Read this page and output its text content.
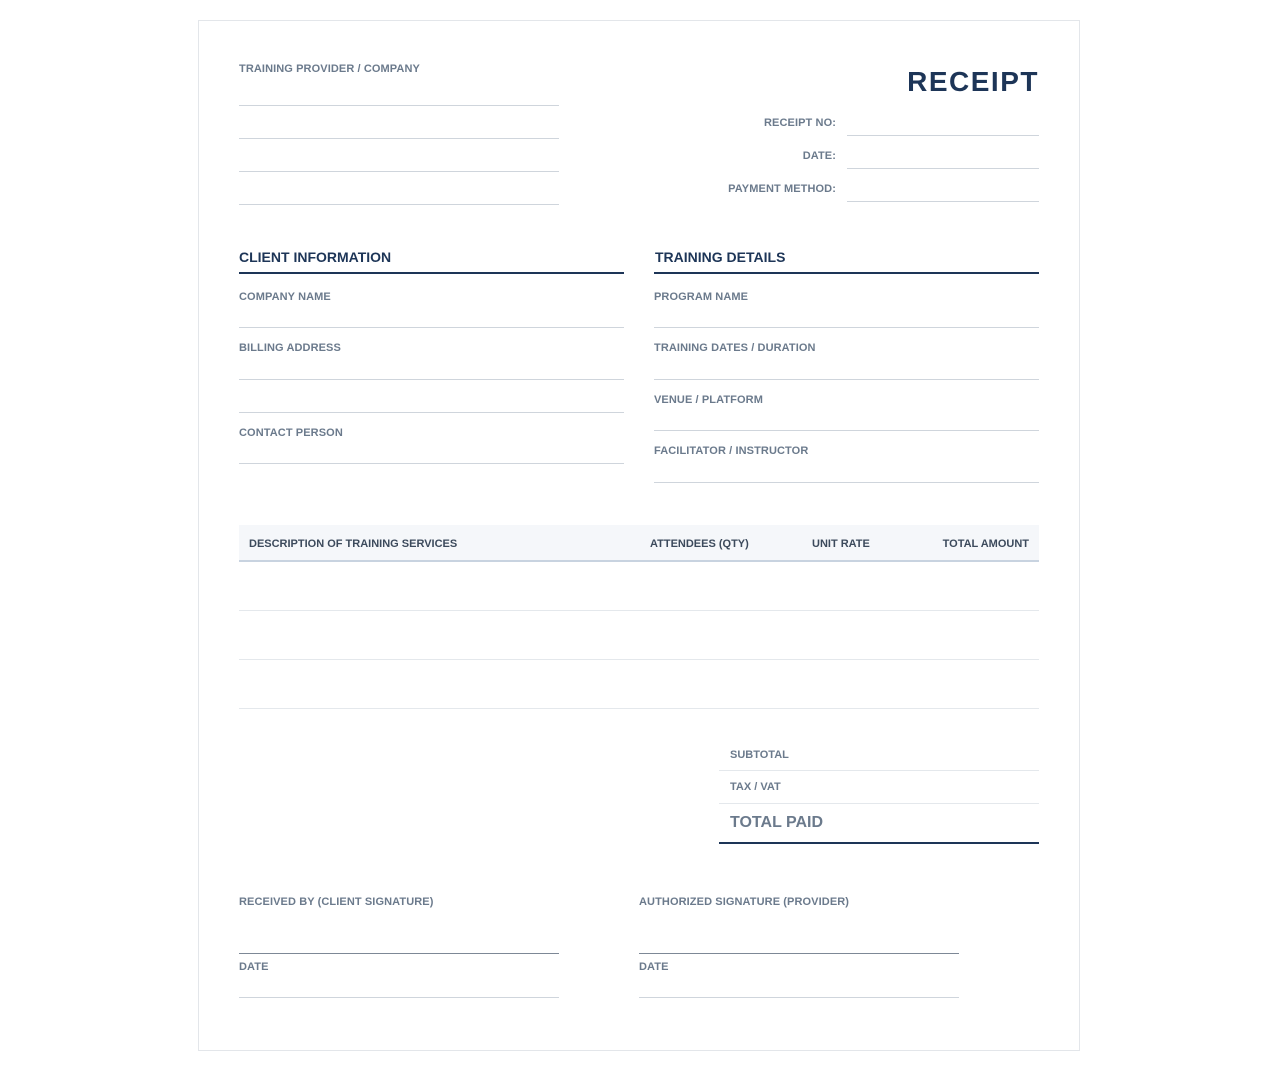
TRAINING PROVIDER / COMPANY	RECEIPT
RECEIPT NO:
DATE:
PAYMENT METHOD:
CLIENT INFORMATION
COMPANY NAME
BILLING ADDRESS
CONTACT PERSON
TRAINING DETAILS
PROGRAM NAME
TRAINING DATES / DURATION
VENUE / PLATFORM
FACILITATOR / INSTRUCTOR
DESCRIPTION OF TRAINING SERVICES	ATTENDEES (QTY)	UNIT RATE	TOTAL AMOUNT
SUBTOTAL
TAX / VAT
TOTAL PAID
RECEIVED BY (CLIENT SIGNATURE)
DATE
AUTHORIZED SIGNATURE (PROVIDER)
DATE
